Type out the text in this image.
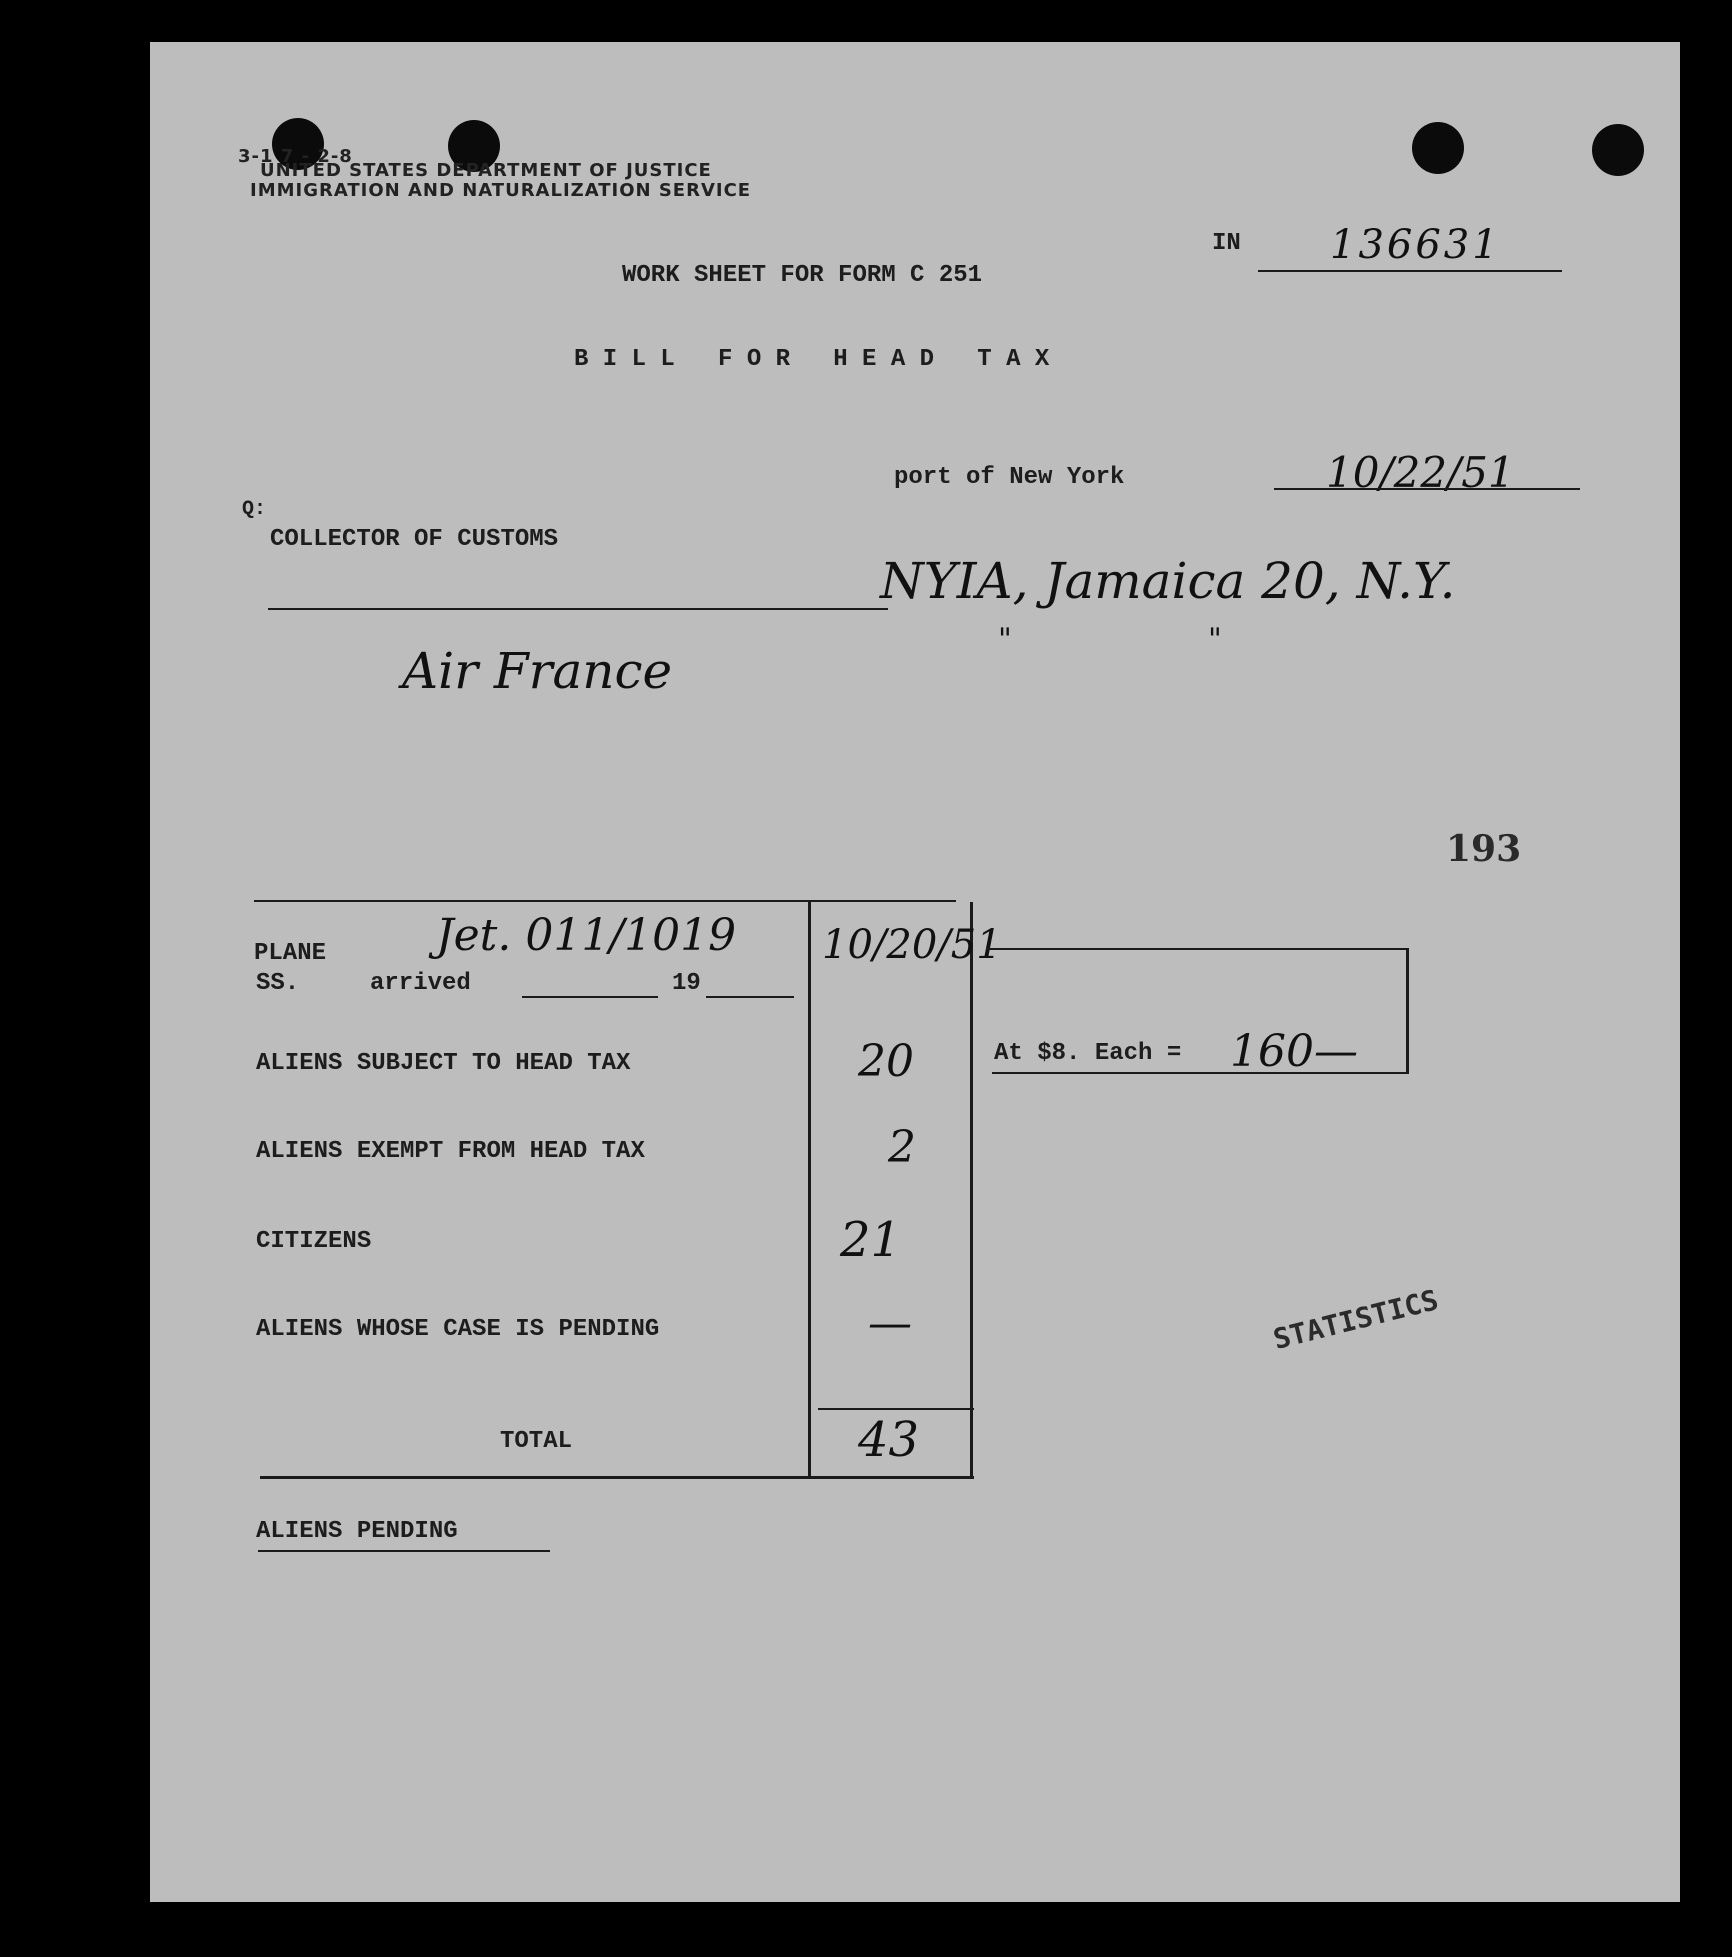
3-1 7 - 2-8
UNITED STATES DEPARTMENT OF JUSTICE
IMMIGRATION AND NATURALIZATION SERVICE
IN 136631
WORK SHEET FOR FORM C 251
B I L L   F O R   H E A D   T A X
port of New York	10/22/51
Q:
COLLECTOR OF CUSTOMS
NYIA, Jamaica 20, N.Y.
"	"
Air France
193
PLANE
SS.	arrived	19
Jet. 011/1019 10/20/51
ALIENS SUBJECT TO HEAD TAX	20
ALIENS EXEMPT FROM HEAD TAX	2
CITIZENS	21
ALIENS WHOSE CASE IS PENDING	—
TOTAL	43
At $8. Each = 160—
STATISTICS
ALIENS PENDING
